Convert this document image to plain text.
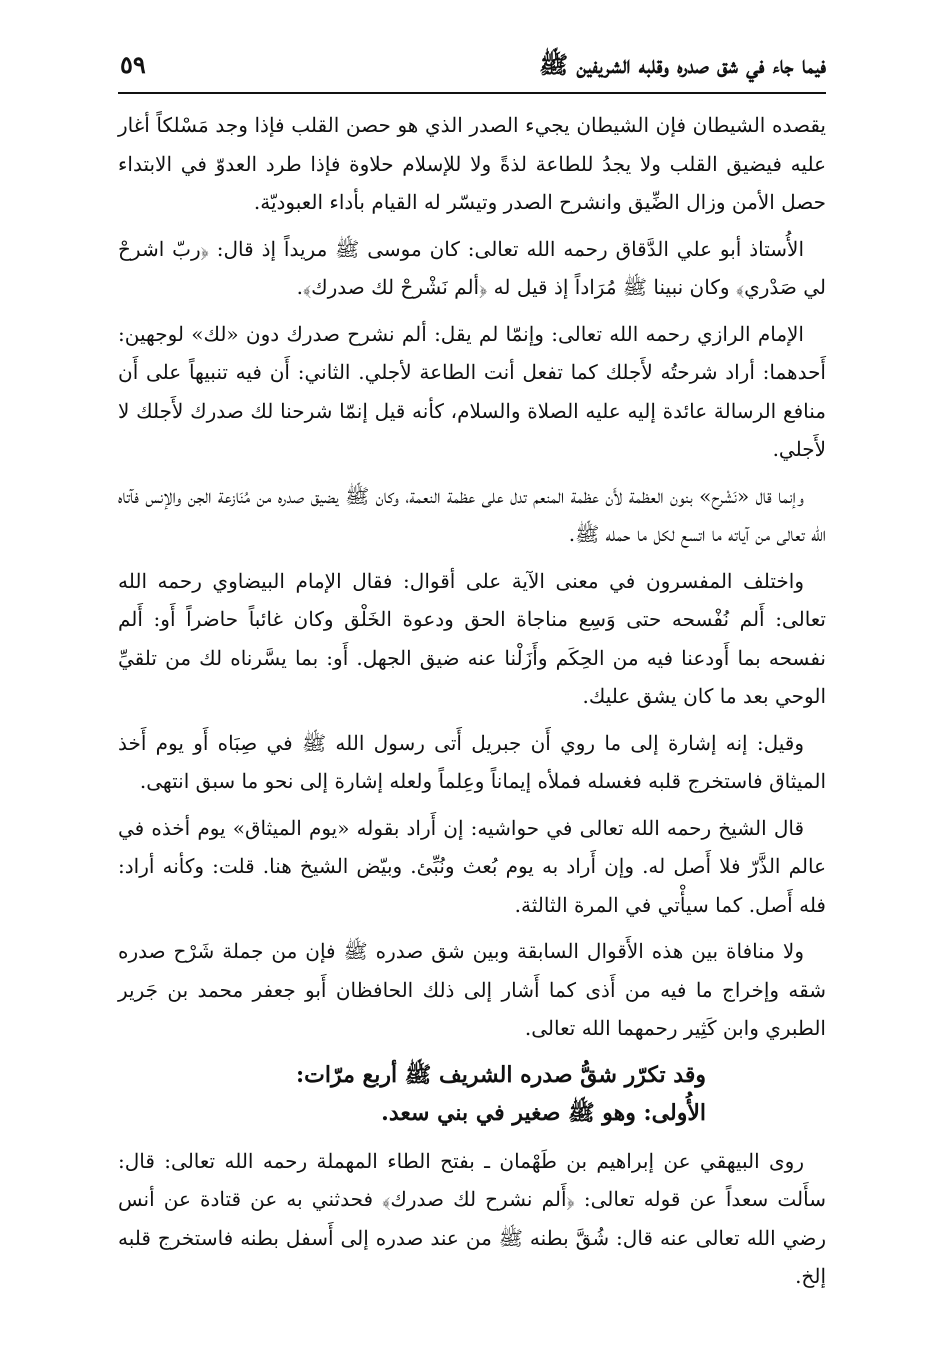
فيما جاء في شق صدره وقلبه الشريفين ﷺ
٥٩

يقصده الشيطان فإن الشيطان يجيء الصدر الذي هو حصن القلب فإذا وجد مَسْلكاً أغار عليه فيضيق القلب ولا يجدُ للطاعة لذةً ولا للإسلام حلاوة فإذا طرد العدوّ في الابتداء حصل الأمن وزال الضِّيق وانشرح الصدر وتيسّر له القيام بأداء العبوديّة.

الأُستاذ أبو علي الدَّقاق رحمه الله تعالى: كان موسى ﷺ مريداً إذ قال: ﴿ربّ اشرحْ لي صَدْري﴾ وكان نبينا ﷺ مُرَاداً إذ قيل له ﴿ألم نَشْرحْ لك صدرك﴾.

الإمام الرازي رحمه الله تعالى: وإنمّا لم يقل: ألم نشرح صدرك دون «لك» لوجهين: أَحدهما: أراد شرحتُه لأَجلك كما تفعل أنت الطاعة لأجلي. الثاني: أَن فيه تنبيهاً على أَن منافع الرسالة عائدة إليه عليه الصلاة والسلام، كأنه قيل إنمّا شرحنا لك صدرك لأَجلك لا لأَجلي.

وإنما قال «نَشْرح» بنون العظمة لأَن عظمة المنعم تدل على عظمة النعمة، وكان ﷺ يضيق صدره من مُنَازعة الجن والإنس فآتاه الله تعالى من آياته ما اتسع لكل ما حمله ﷺ.

واختلف المفسرون في معنى الآية على أقوال: فقال الإمام البيضاوي رحمه الله تعالى: أَلم نُفْسحه حتى وَسِع مناجاة الحق ودعوة الخَلْق وكان غائباً حاضراً أَو: أَلم نفسحه بما أَودعنا فيه من الحِكَم وأَزَلْنا عنه ضيق الجهل. أَو: بما يسَّرناه لك من تلقيِّ الوحي بعد ما كان يشق عليك.

وقيل: إنه إشارة إلى ما روي أَن جبريل أَتى رسول الله ﷺ في صِبَاه أَو يوم أَخذ الميثاق فاستخرج قلبه فغسله فملأه إيماناً وعِلماً ولعله إشارة إلى نحو ما سبق انتهى.

قال الشيخ رحمه الله تعالى في حواشيه: إن أَراد بقوله «يوم الميثاق» يوم أخذه في عالم الذَّرّ فلا أَصل له. وإن أَراد به يوم بُعث ونُبِّئ. وبيّض الشيخ هنا. قلت: وكأنه أراد: فله أَصل. كما سيأْتي في المرة الثالثة.

ولا منافاة بين هذه الأَقوال السابقة وبين شق صدره ﷺ فإن من جملة شَرْح صدره شقه وإخراج ما فيه من أَذى كما أَشار إلى ذلك الحافظان أَبو جعفر محمد بن جَرير الطبري وابن كَثِير رحمهما الله تعالى.

وقد تكرّر شقُّ صدره الشريف ﷺ أربع مرّات:

الأُولى: وهو ﷺ صغير في بني سعد.

روى البيهقي عن إبراهيم بن طَهْمان ـ بفتح الطاء المهملة رحمه الله تعالى: قال: سأَلت سعداً عن قوله تعالى: ﴿أَلم نشرح لك صدرك﴾ فحدثني به عن قتادة عن أنس رضي الله تعالى عنه قال: شُقَّ بطنه ﷺ من عند صدره إلى أَسفل بطنه فاستخرج قلبه إلخ.
